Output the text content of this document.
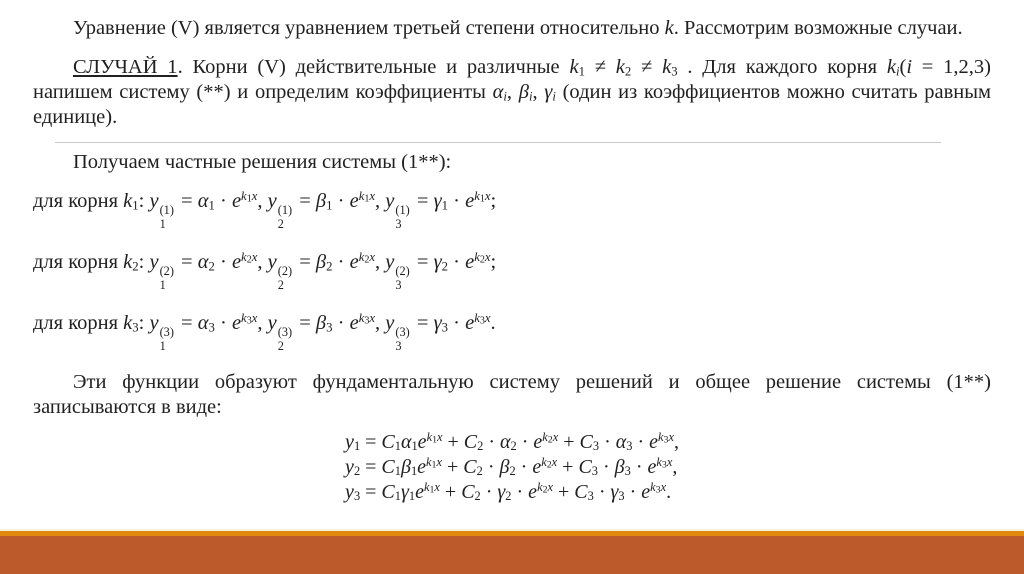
Уравнение (V) является уравнением третьей степени относительно k. Рассмотрим возможные случаи.

СЛУЧАЙ 1. Корни (V) действительные и различные $k_1 \ne k_2 \ne k_3$ . Для каждого корня $k_i(i = 1,2,3)$ напишем систему (**) и определим коэффициенты $\alpha_i$, $\beta_i$, $\gamma_i$ (один из коэффициентов можно считать равным единице).

Получаем частные решения системы (1**):

для корня $k_1$: y (1)
1
= $\alpha_1 \cdot e^{k_1x}$, y (1)
2
= $\beta_1 \cdot e^{k_1x}$, y (1)
3
= $\gamma_1 \cdot e^{k_1x}$;
для корня $k_2$: y (2)
1
= $\alpha_2 \cdot e^{k_2x}$, y (2)
2
= $\beta_2 \cdot e^{k_2x}$, y (2)
3
= $\gamma_2 \cdot e^{k_2x}$;
для корня $k_3$: y (3)
1
= $\alpha_3 \cdot e^{k_3x}$, y (3)
2
= $\beta_3 \cdot e^{k_3x}$, y (3)
3
= $\gamma_3 \cdot e^{k_3x}$.

Эти функции образуют фундаментальную систему решений и общее решение системы (1**) записываются в виде:

$y_1 = C_1\alpha_1e^{k_1x} + C_2 \cdot \alpha_2 \cdot e^{k_2x} + C_3 \cdot \alpha_3 \cdot e^{k_3x}$,
$y_2 = C_1\beta_1e^{k_1x} + C_2 \cdot \beta_2 \cdot e^{k_2x} + C_3 \cdot \beta_3 \cdot e^{k_3x}$,
$y_3 = C_1\gamma_1e^{k_1x} + C_2 \cdot \gamma_2 \cdot e^{k_2x} + C_3 \cdot \gamma_3 \cdot e^{k_3x}$.
